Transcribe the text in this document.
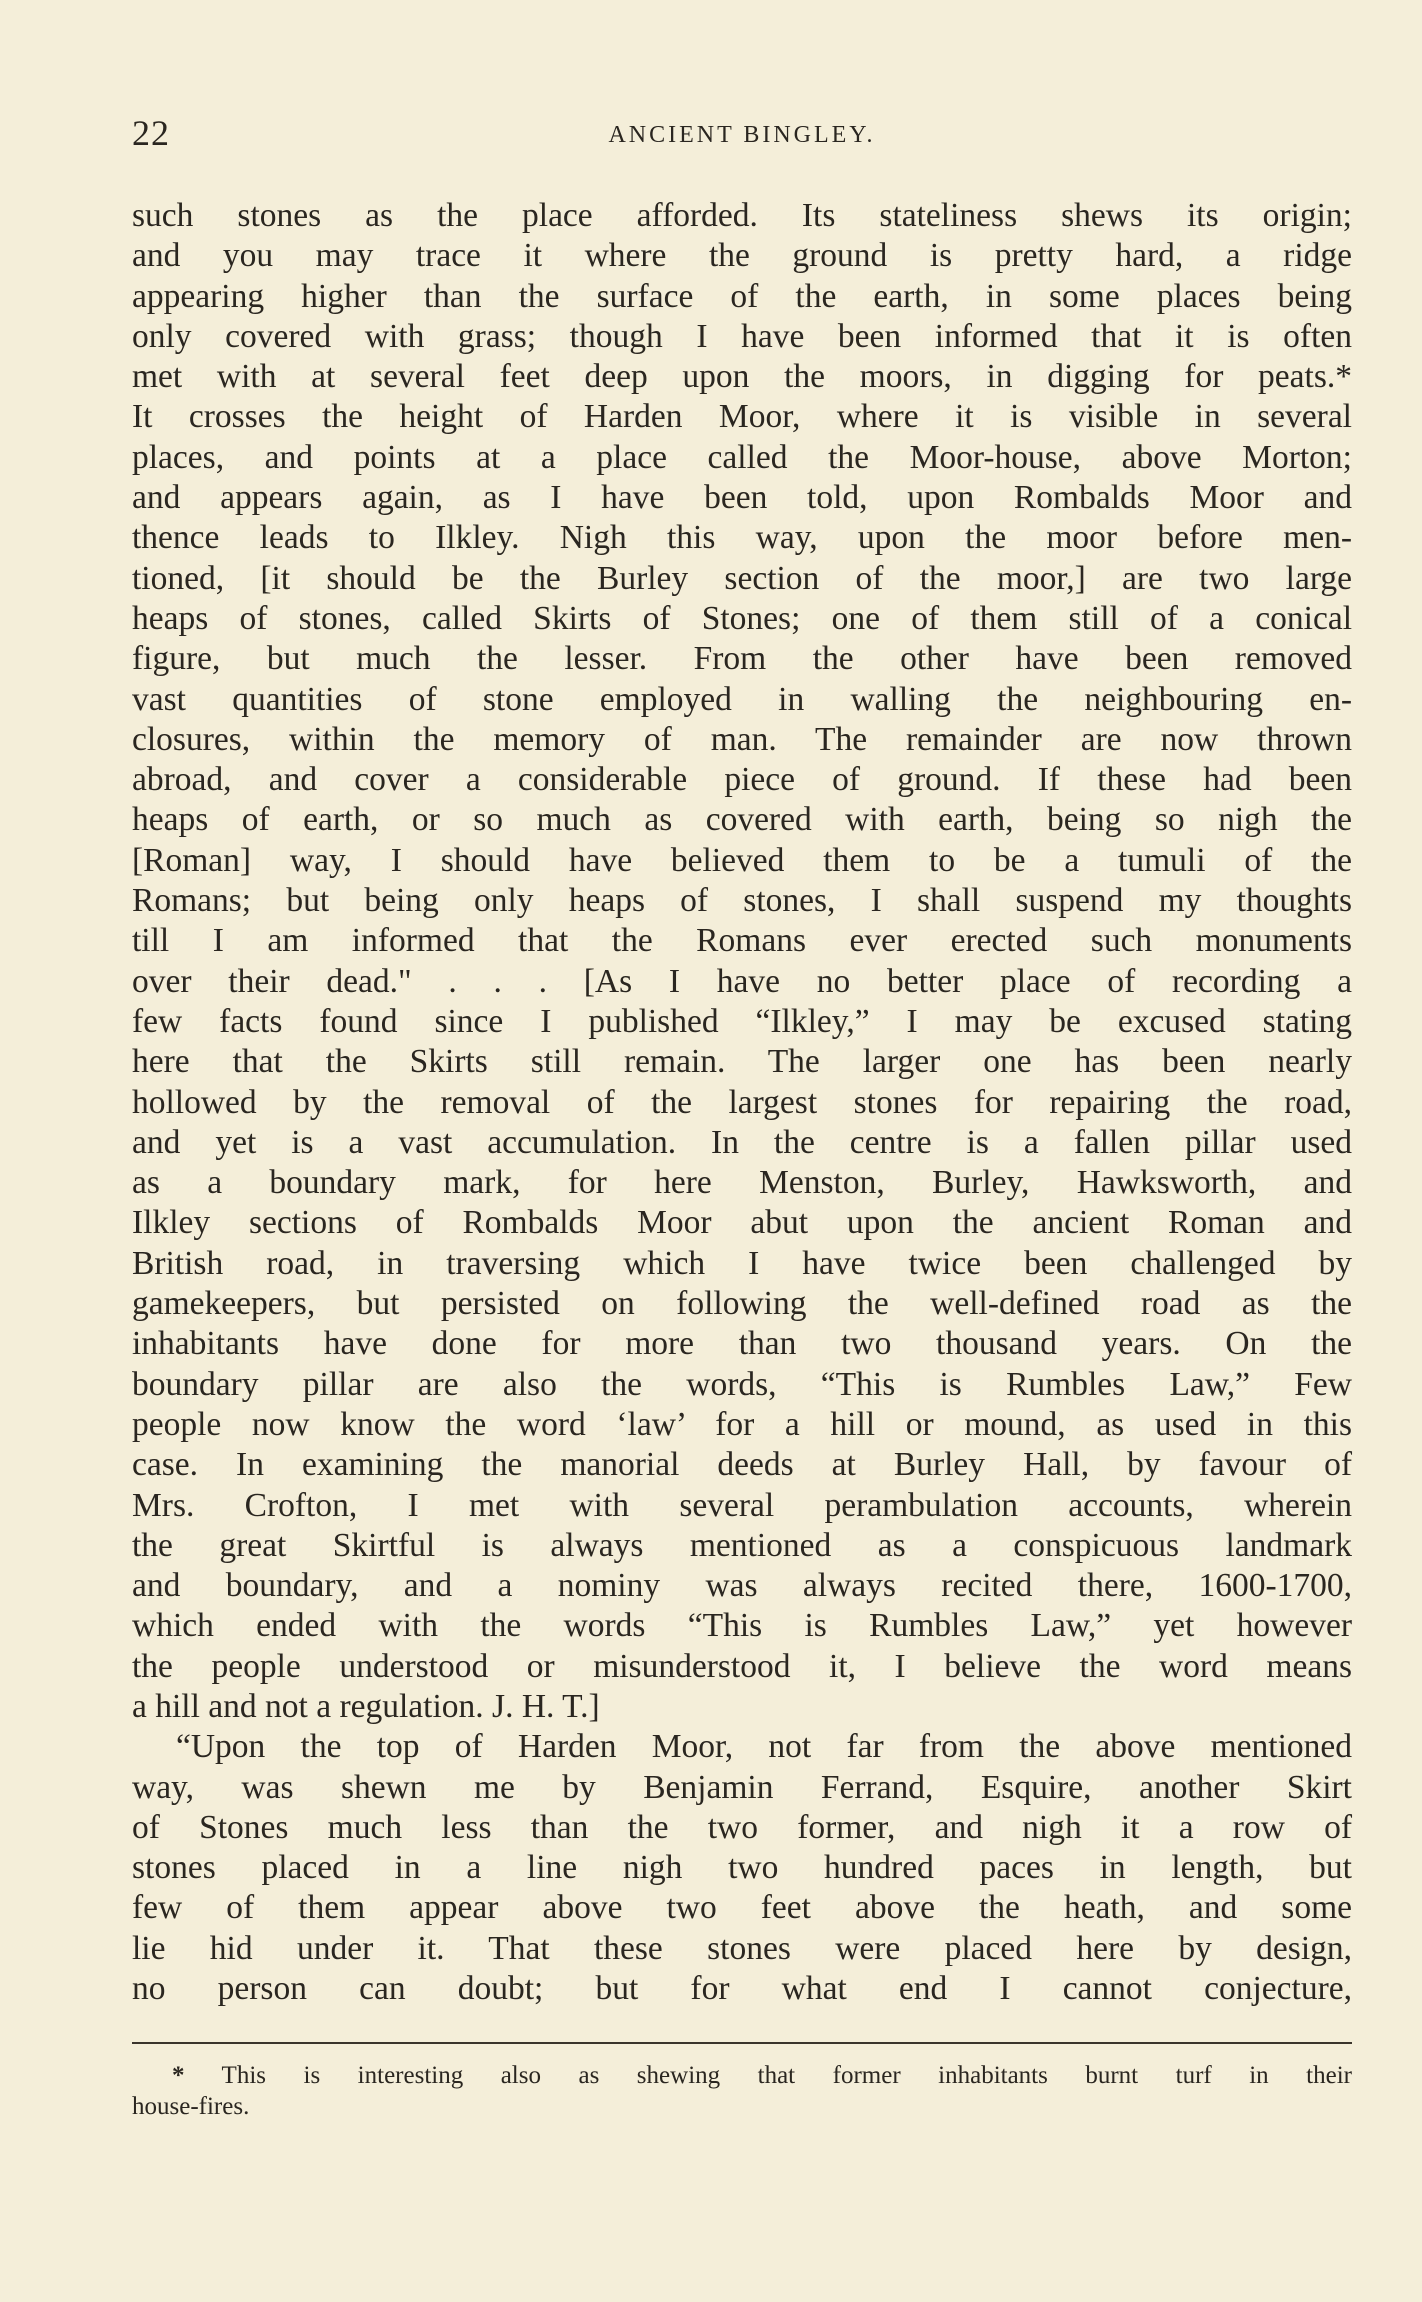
22	ANCIENT BINGLEY.
such stones as the place afforded. Its stateliness shews its origin;
and you may trace it where the ground is pretty hard, a ridge
appearing higher than the surface of the earth, in some places being
only covered with grass; though I have been informed that it is often
met with at several feet deep upon the moors, in digging for peats.*
It crosses the height of Harden Moor, where it is visible in several
places, and points at a place called the Moor-house, above Morton;
and appears again, as I have been told, upon Rombalds Moor and
thence leads to Ilkley. Nigh this way, upon the moor before men-
tioned, [it should be the Burley section of the moor,] are two large
heaps of stones, called Skirts of Stones; one of them still of a conical
figure, but much the lesser. From the other have been removed
vast quantities of stone employed in walling the neighbouring en-
closures, within the memory of man. The remainder are now thrown
abroad, and cover a considerable piece of ground. If these had been
heaps of earth, or so much as covered with earth, being so nigh the
[Roman] way, I should have believed them to be a tumuli of the
Romans; but being only heaps of stones, I shall suspend my thoughts
till I am informed that the Romans ever erected such monuments
over their dead." . . . [As I have no better place of recording a
few facts found since I published “Ilkley,” I may be excused stating
here that the Skirts still remain. The larger one has been nearly
hollowed by the removal of the largest stones for repairing the road,
and yet is a vast accumulation. In the centre is a fallen pillar used
as a boundary mark, for here Menston, Burley, Hawksworth, and
Ilkley sections of Rombalds Moor abut upon the ancient Roman and
British road, in traversing which I have twice been challenged by
gamekeepers, but persisted on following the well-defined road as the
inhabitants have done for more than two thousand years. On the
boundary pillar are also the words, “This is Rumbles Law,” Few
people now know the word ‘law’ for a hill or mound, as used in this
case. In examining the manorial deeds at Burley Hall, by favour of
Mrs. Crofton, I met with several perambulation accounts, wherein
the great Skirtful is always mentioned as a conspicuous landmark
and boundary, and a nominy was always recited there, 1600-1700,
which ended with the words “This is Rumbles Law,” yet however
the people understood or misunderstood it, I believe the word means
a hill and not a regulation. J. H. T.]
“Upon the top of Harden Moor, not far from the above mentioned
way, was shewn me by Benjamin Ferrand, Esquire, another Skirt
of Stones much less than the two former, and nigh it a row of
stones placed in a line nigh two hundred paces in length, but
few of them appear above two feet above the heath, and some
lie hid under it. That these stones were placed here by design,
no person can doubt; but for what end I cannot conjecture,
* This is interesting also as shewing that former inhabitants burnt turf in their
house-fires.
